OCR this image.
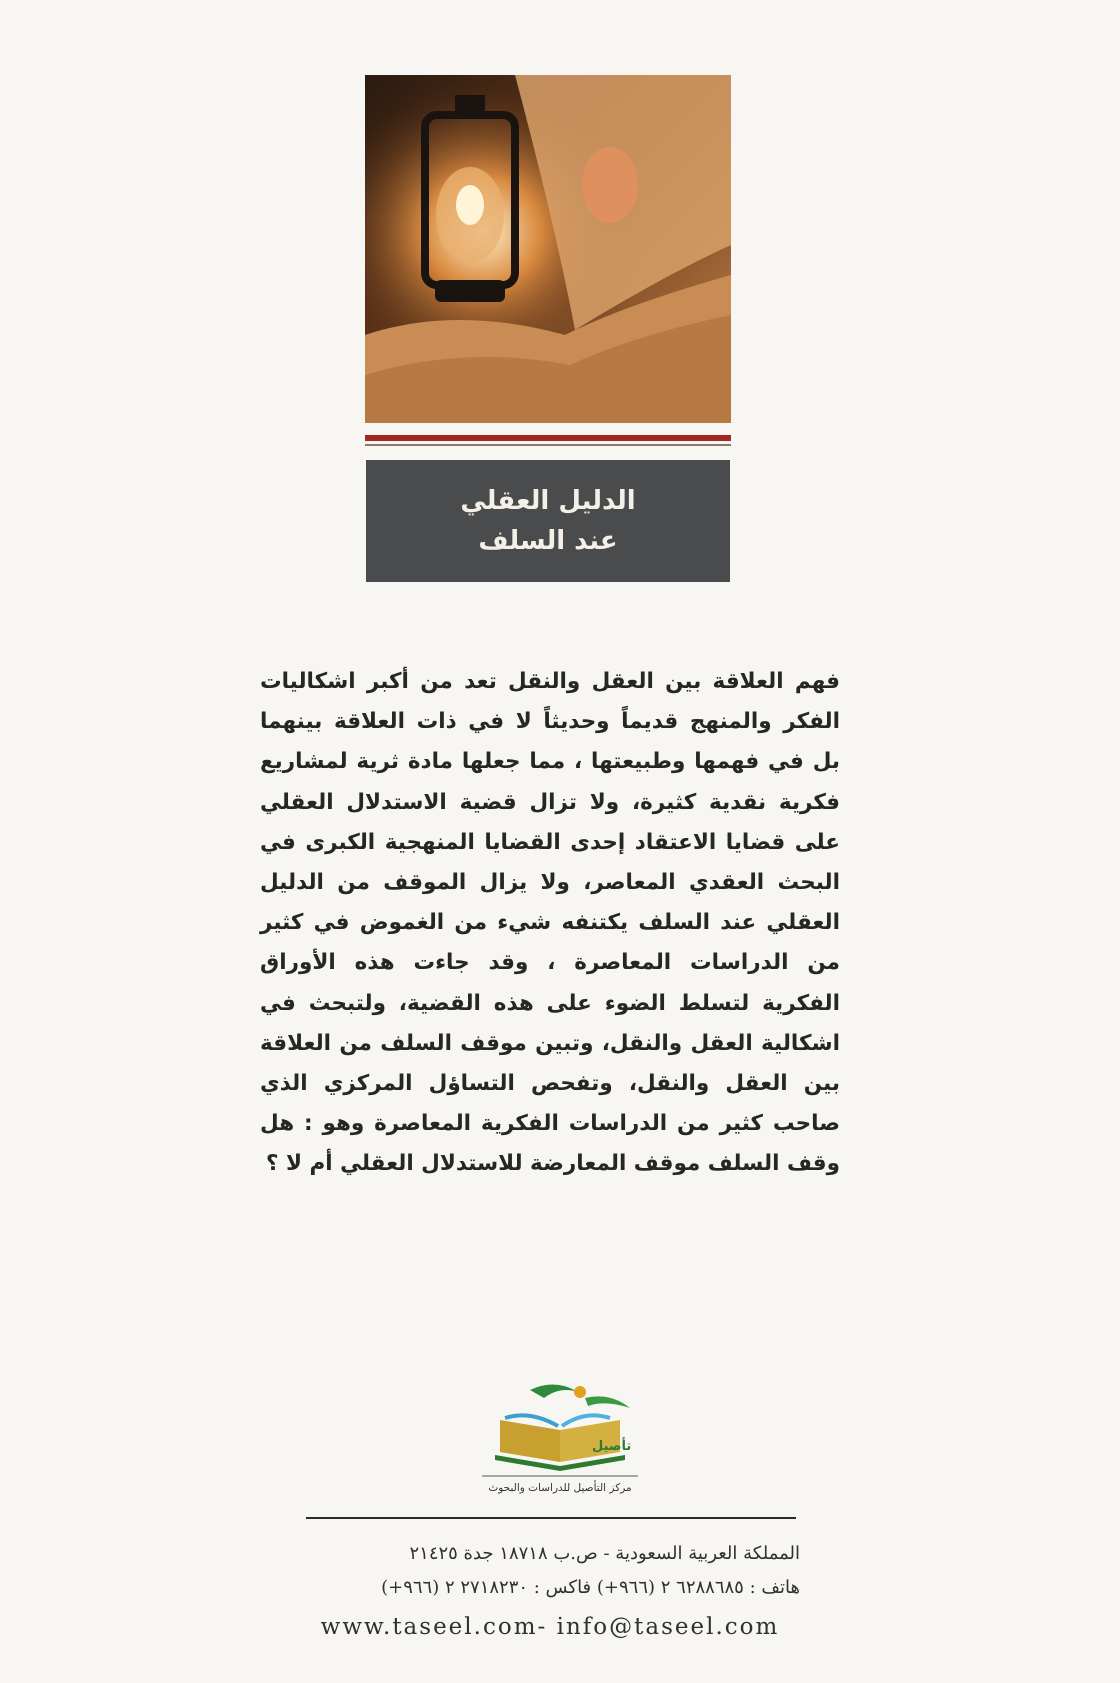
الدليل العقلي
عند السلف
فهم العلاقة بين العقل والنقل تعد من أكبر اشكاليات الفكر والمنهج قديماً وحديثاً لا في ذات العلاقة بينهما بل في فهمها وطبيعتها ، مما جعلها مادة ثرية لمشاريع فكرية نقدية كثيرة، ولا تزال قضية الاستدلال العقلي على قضايا الاعتقاد إحدى القضايا المنهجية الكبرى في البحث العقدي المعاصر، ولا يزال الموقف من الدليل العقلي عند السلف يكتنفه شيء من الغموض في كثير من الدراسات المعاصرة ، وقد جاءت هذه الأوراق الفكرية لتسلط الضوء على هذه القضية، ولتبحث في اشكالية العقل والنقل، وتبين موقف السلف من العلاقة بين العقل والنقل، وتفحص التساؤل المركزي الذي صاحب كثير من الدراسات الفكرية المعاصرة وهو : هل وقف السلف موقف المعارضة للاستدلال العقلي أم لا ؟
تأصيل
مركز التأصيل للدراسات والبحوث
المملكة العربية السعودية - ص.ب ١٨٧١٨ جدة ٢١٤٢٥
هاتف : ٦٢٨٨٦٨٥ ٢ (٩٦٦+) فاكس : ٢٧١٨٢٣٠ ٢ (٩٦٦+)
www.taseel.com- info@taseel.com
